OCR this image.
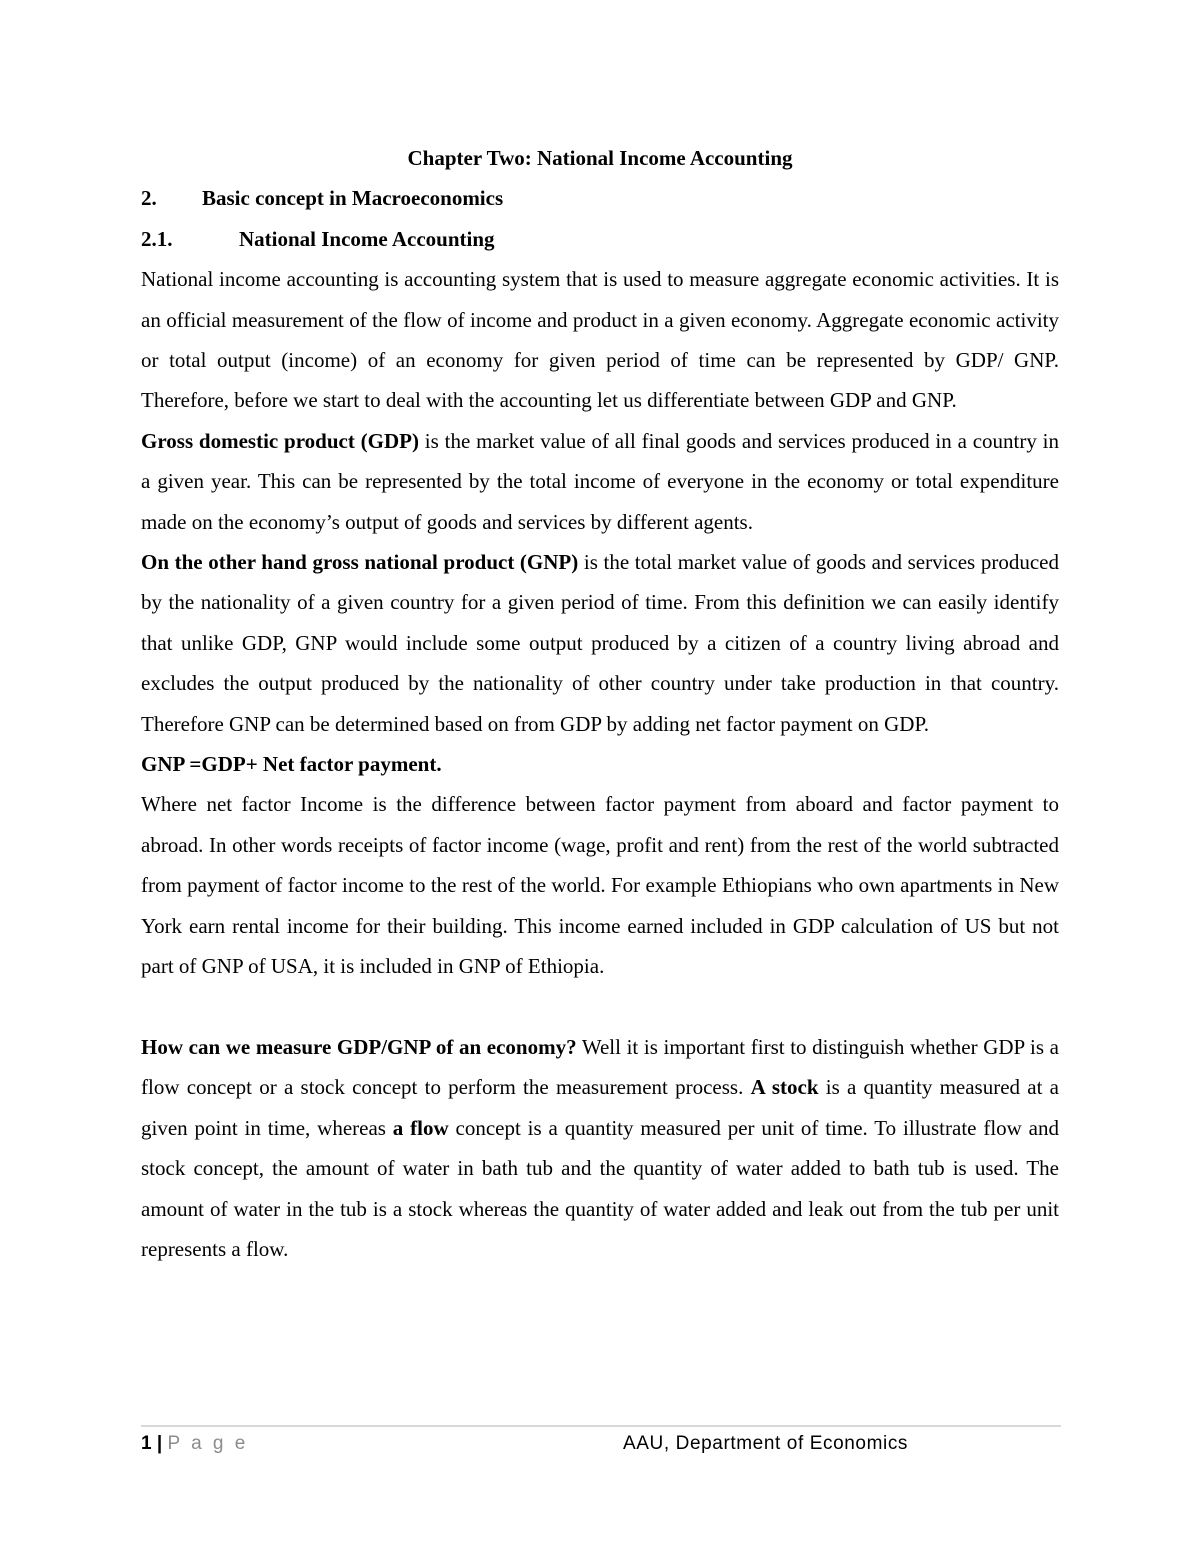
Chapter Two: National Income Accounting
2. Basic concept in Macroeconomics
2.1.	National Income Accounting

National income accounting is accounting system that is used to measure aggregate economic activities. It is an official measurement of the flow of income and product in a given economy. Aggregate economic activity or total output (income) of an economy for given period of time can be represented by GDP/ GNP. Therefore, before we start to deal with the accounting let us differentiate between GDP and GNP.

Gross domestic product (GDP) is the market value of all final goods and services produced in a country in a given year. This can be represented by the total income of everyone in the economy or total expenditure made on the economy’s output of goods and services by different agents.

On the other hand gross national product (GNP) is the total market value of goods and services produced by the nationality of a given country for a given period of time. From this definition we can easily identify that unlike GDP, GNP would include some output produced by a citizen of a country living abroad and excludes the output produced by the nationality of other country under take production in that country. Therefore GNP can be determined based on from GDP by adding net factor payment on GDP.

GNP =GDP+ Net factor payment.

Where net factor Income is the difference between factor payment from aboard and factor payment to abroad. In other words receipts of factor income (wage, profit and rent) from the rest of the world subtracted from payment of factor income to the rest of the world. For example Ethiopians who own apartments in New York earn rental income for their building. This income earned included in GDP calculation of US but not part of GNP of USA, it is included in GNP of Ethiopia.

How can we measure GDP/GNP of an economy? Well it is important first to distinguish whether GDP is a flow concept or a stock concept to perform the measurement process. A stock is a quantity measured at a given point in time, whereas a flow concept is a quantity measured per unit of time. To illustrate flow and stock concept, the amount of water in bath tub and the quantity of water added to bath tub is used. The amount of water in the tub is a stock whereas the quantity of water added and leak out from the tub per unit represents a flow.

1 | P a g e	AAU, Department of Economics
